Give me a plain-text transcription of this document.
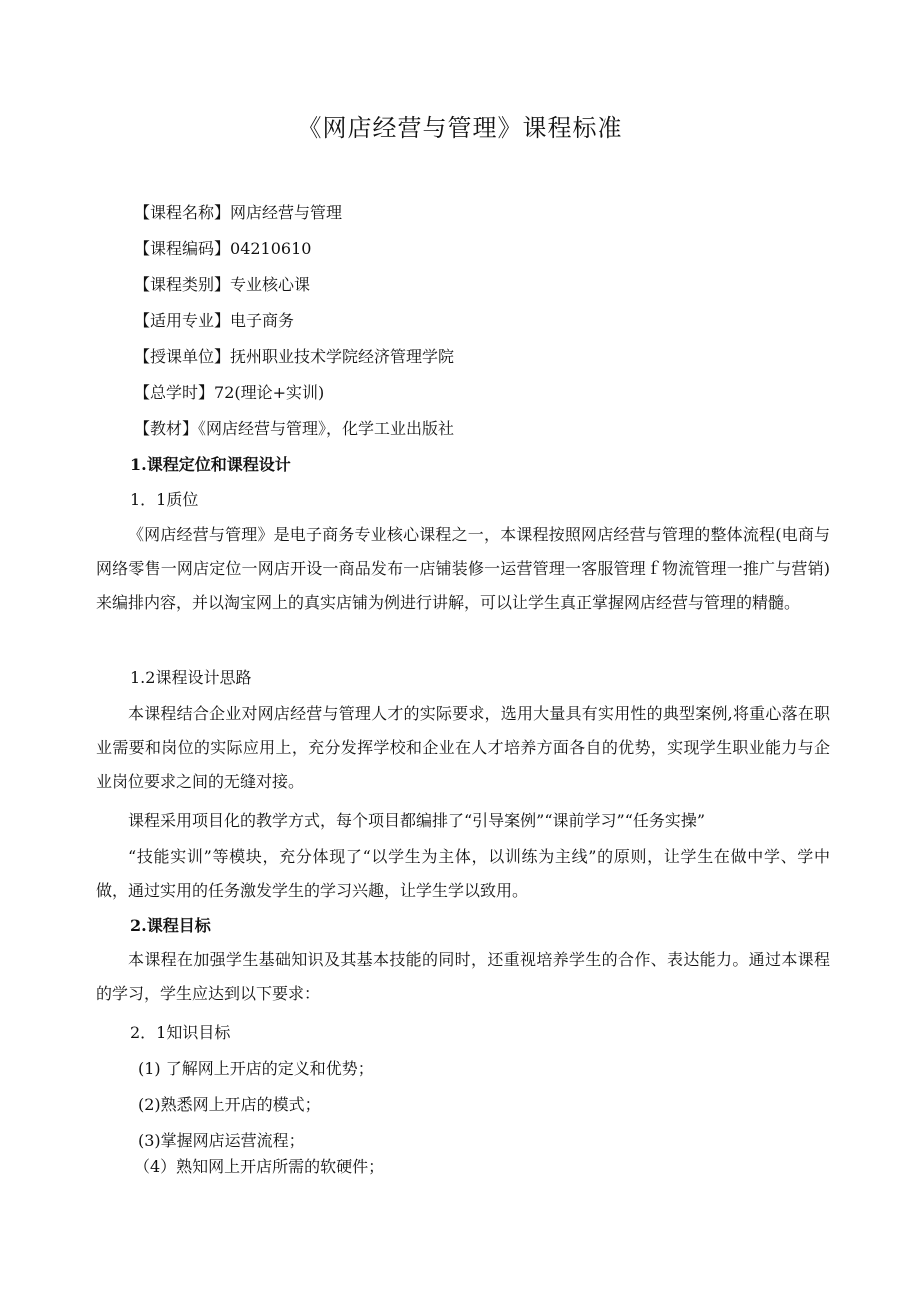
《网店经营与管理》课程标准

【课程名称】网店经营与管理

【课程编码】04210610

【课程类别】专业核心课

【适用专业】电子商务

【授课单位】抚州职业技术学院经济管理学院

【总学时】72(理论+实训)

【教材】《网店经营与管理》，化学工业出版社

1.课程定位和课程设计

1．1质位

《网店经营与管理》是电子商务专业核心课程之一，本课程按照网店经营与管理的整体流程(电商与网络零售一网店定位一网店开设一商品发布一店铺装修一运营管理一客服管理ｆ物流管理一推广与营销)来编排内容，并以淘宝网上的真实店铺为例进行讲解，可以让学生真正掌握网店经营与管理的精髓。

1.2课程设计思路

本课程结合企业对网店经营与管理人才的实际要求，选用大量具有实用性的典型案例,将重心落在职业需要和岗位的实际应用上，充分发挥学校和企业在人才培养方面各自的优势，实现学生职业能力与企业岗位要求之间的无缝对接。

课程采用项目化的教学方式，每个项目都编排了“引导案例”“课前学习”“任务实操”

“技能实训”等模块，充分体现了“以学生为主体，以训练为主线”的原则，让学生在做中学、学中做，通过实用的任务激发学生的学习兴趣，让学生学以致用。

2.课程目标

本课程在加强学生基础知识及其基本技能的同时，还重视培养学生的合作、表达能力。通过本课程的学习，学生应达到以下要求：

2．1知识目标

(1) 了解网上开店的定义和优势；

(2)熟悉网上开店的模式；

(3)掌握网店运营流程；

（4）熟知网上开店所需的软硬件；
